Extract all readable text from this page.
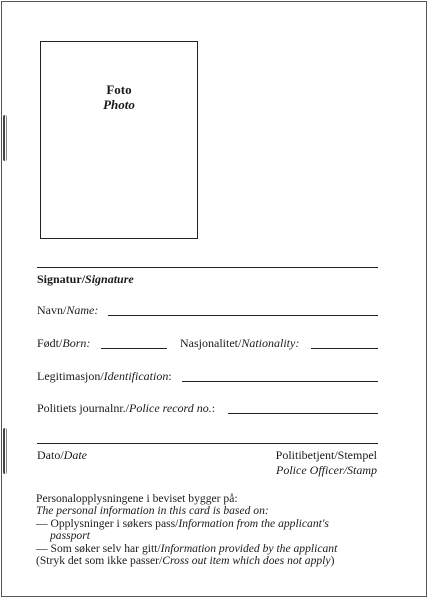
Foto
Photo
Signatur/Signature
Navn/Name:
Født/Born:	Nasjonalitet/Nationality:
Legitimasjon/Identification:
Politiets journalnr./Police record no.:
Dato/Date	Politibetjent/Stempel
Police Officer/Stamp
Personalopplysningene i beviset bygger på:
The personal information in this card is based on:
— Opplysninger i søkers pass/Information from the applicant's
passport
— Som søker selv har gitt/Information provided by the applicant
(Stryk det som ikke passer/Cross out item which does not apply)
